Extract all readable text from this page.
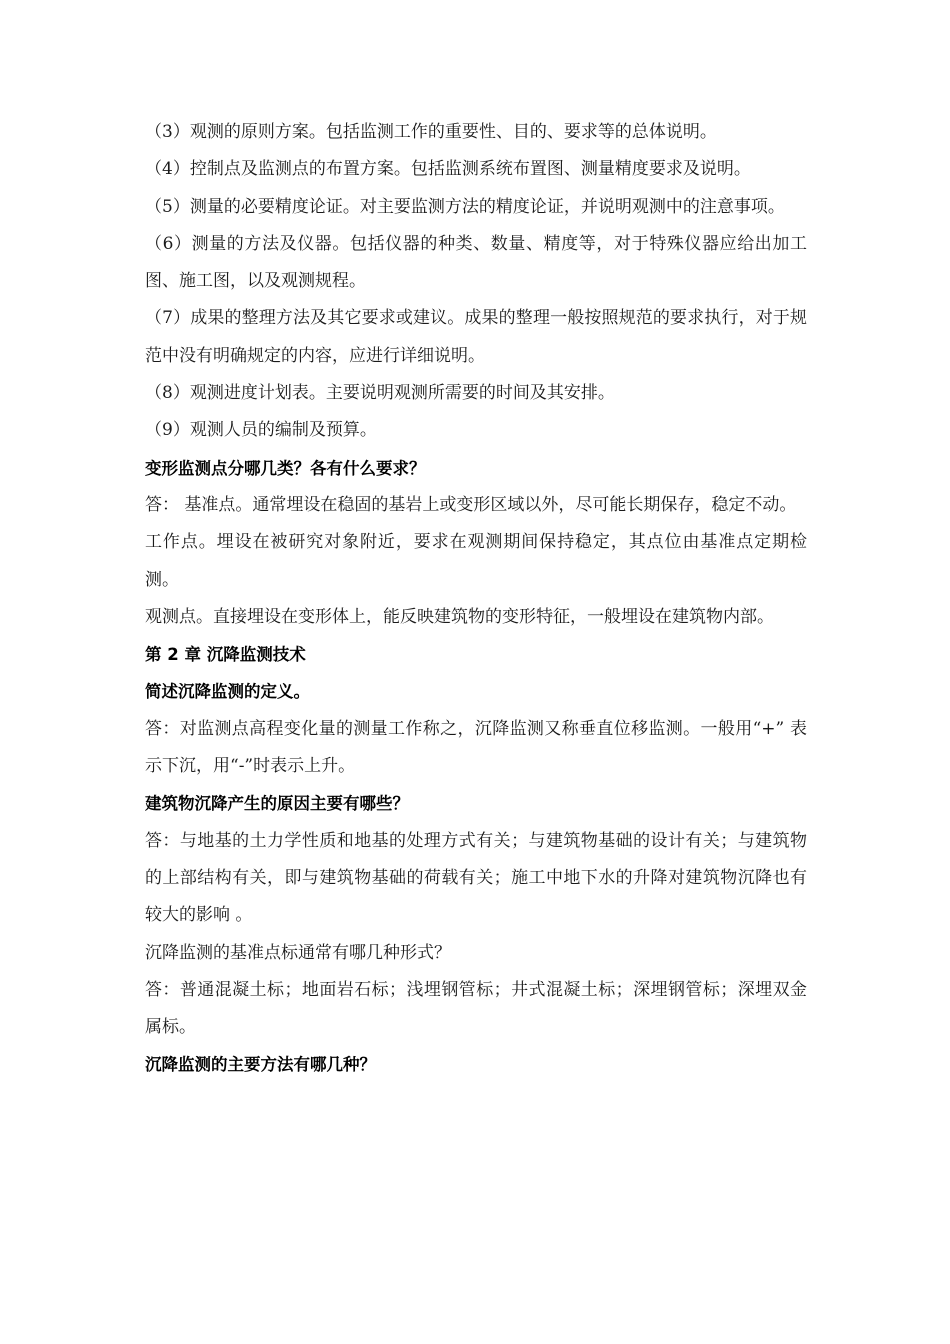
（3）观测的原则方案。包括监测工作的重要性、目的、要求等的总体说明。

（4）控制点及监测点的布置方案。包括监测系统布置图、测量精度要求及说明。

（5）测量的必要精度论证。对主要监测方法的精度论证，并说明观测中的注意事项。

（6）测量的方法及仪器。包括仪器的种类、数量、精度等，对于特殊仪器应给出加工图、施工图，以及观测规程。

（7）成果的整理方法及其它要求或建议。成果的整理一般按照规范的要求执行，对于规范中没有明确规定的内容，应进行详细说明。

（8）观测进度计划表。主要说明观测所需要的时间及其安排。

（9）观测人员的编制及预算。

变形监测点分哪几类？各有什么要求？

答： 基准点。通常埋设在稳固的基岩上或变形区域以外，尽可能长期保存，稳定不动。

工作点。埋设在被研究对象附近，要求在观测期间保持稳定，其点位由基准点定期检测。

观测点。直接埋设在变形体上，能反映建筑物的变形特征，一般埋设在建筑物内部。

第 2 章 沉降监测技术

简述沉降监测的定义。

答：对监测点高程变化量的测量工作称之，沉降监测又称垂直位移监测。一般用“+” 表示下沉，用“-”时表示上升。

建筑物沉降产生的原因主要有哪些？

答：与地基的土力学性质和地基的处理方式有关；与建筑物基础的设计有关；与建筑物的上部结构有关，即与建筑物基础的荷载有关；施工中地下水的升降对建筑物沉降也有较大的影响 。

沉降监测的基准点标通常有哪几种形式？

答：普通混凝土标；地面岩石标；浅埋钢管标；井式混凝土标；深埋钢管标；深埋双金属标。

沉降监测的主要方法有哪几种？
